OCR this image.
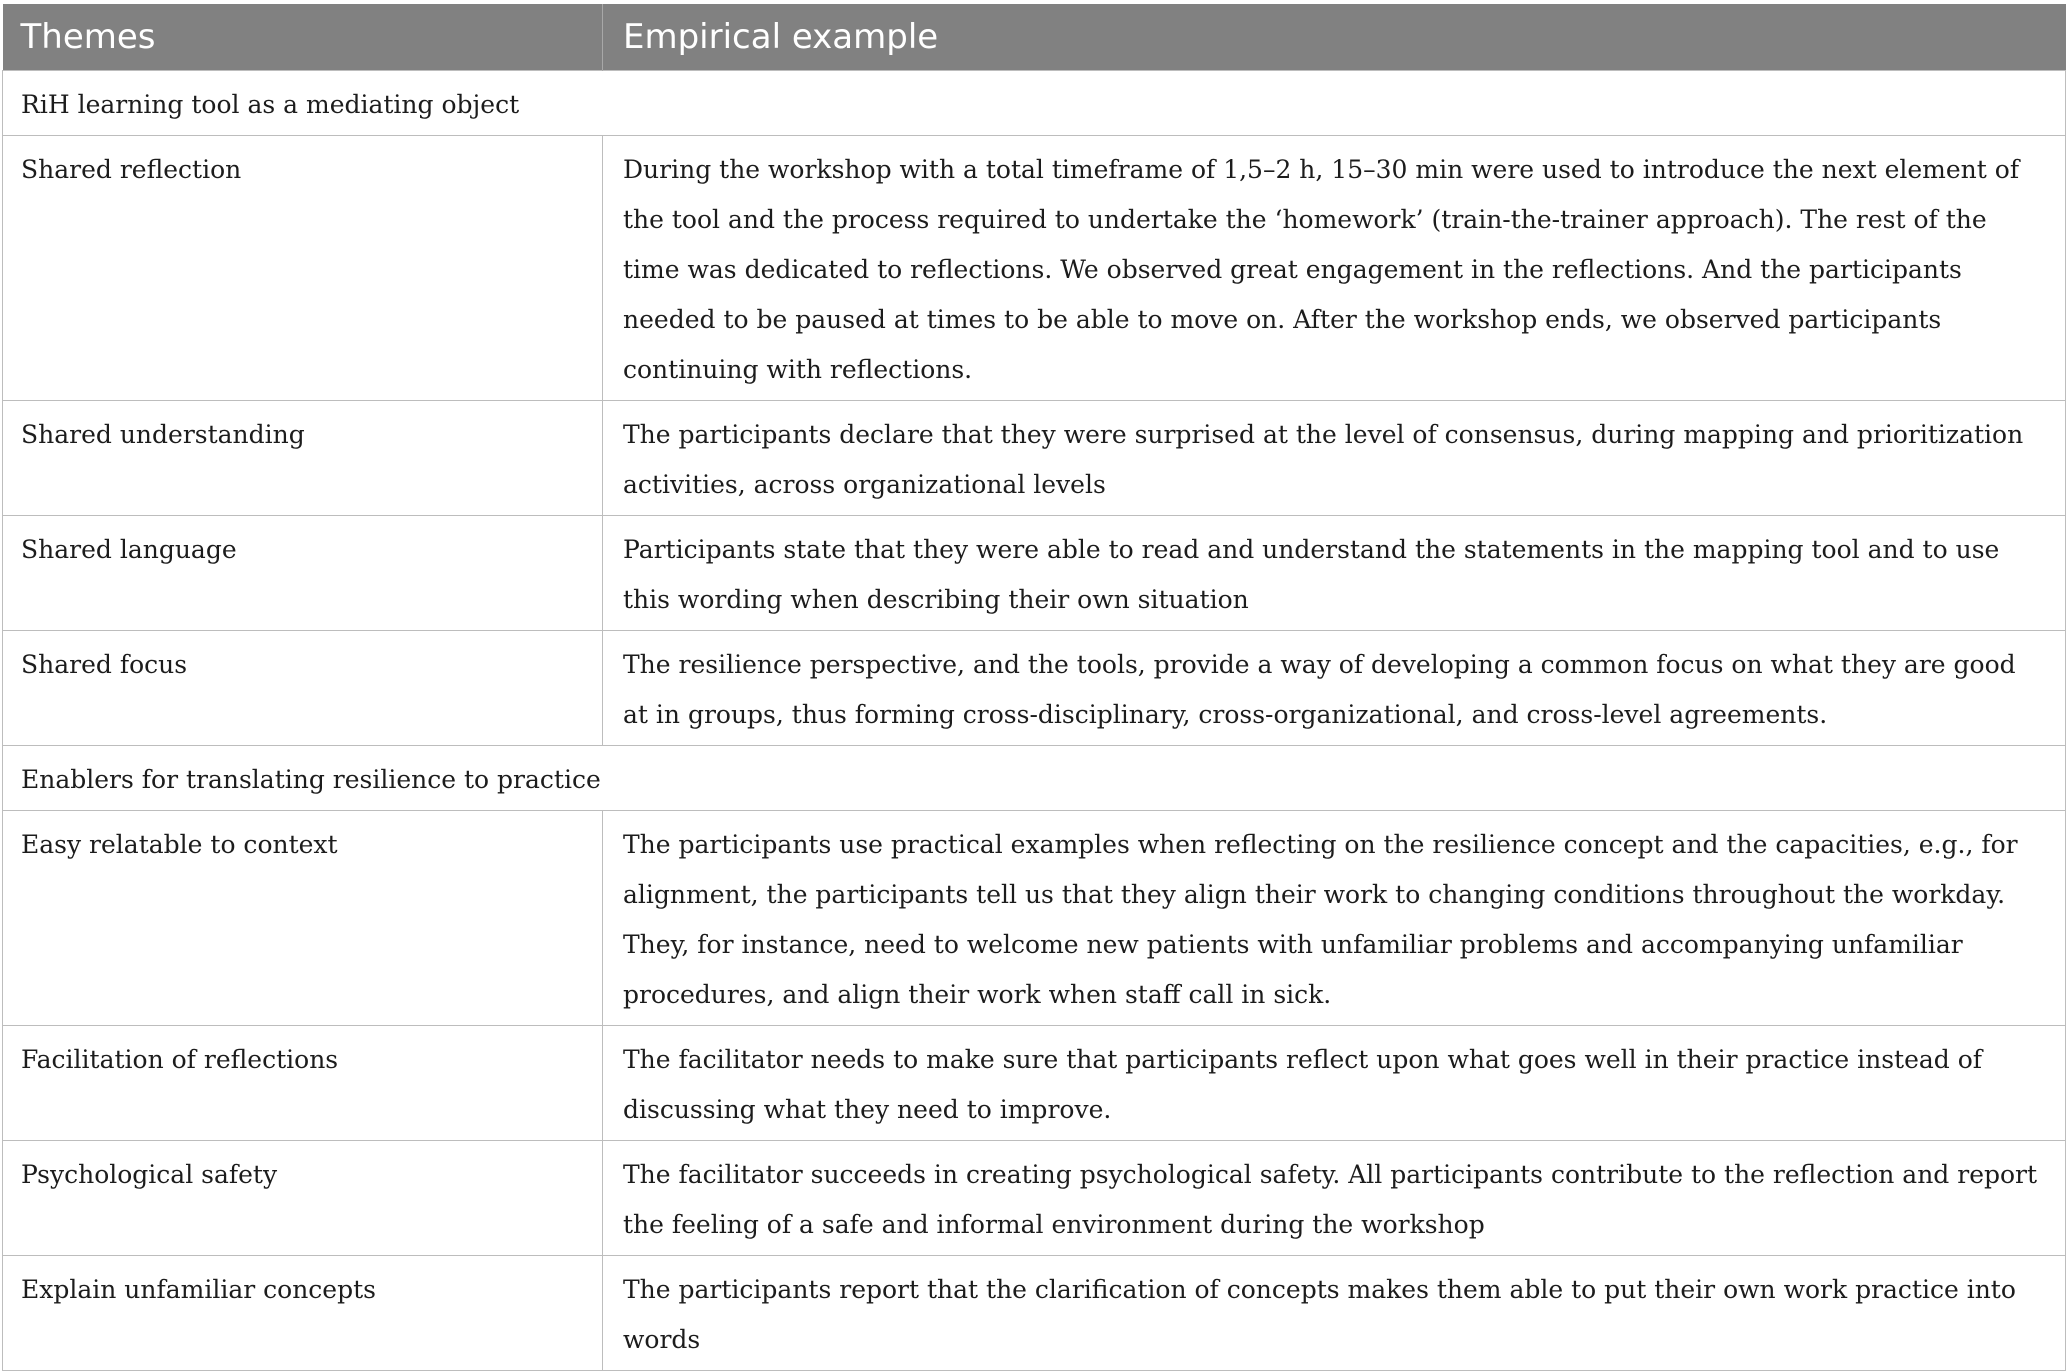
Themes	Empirical example
RiH learning tool as a mediating object	
Shared reflection	During the workshop with a total timeframe of 1,5–2 h, 15–30 min were used to introduce the next element of the tool and the process required to undertake the ‘homework’ (train-the-trainer approach). The rest of the time was dedicated to reflections. We observed great engagement in the reflections. And the participants needed to be paused at times to be able to move on. After the workshop ends, we observed participants continuing with reflections.
Shared understanding	The participants declare that they were surprised at the level of consensus, during mapping and prioritization activities, across organizational levels
Shared language	Participants state that they were able to read and understand the statements in the mapping tool and to use this wording when describing their own situation
Shared focus	The resilience perspective, and the tools, provide a way of developing a common focus on what they are good at in groups, thus forming cross-disciplinary, cross-organizational, and cross-level agreements.
Enablers for translating resilience to practice	
Easy relatable to context	The participants use practical examples when reflecting on the resilience concept and the capacities, e.g., for alignment, the participants tell us that they align their work to changing conditions throughout the workday. They, for instance, need to welcome new patients with unfamiliar problems and accompanying unfamiliar procedures, and align their work when staff call in sick.
Facilitation of reflections	The facilitator needs to make sure that participants reflect upon what goes well in their practice instead of discussing what they need to improve.
Psychological safety	The facilitator succeeds in creating psychological safety. All participants contribute to the reflection and report the feeling of a safe and informal environment during the workshop
Explain unfamiliar concepts	The participants report that the clarification of concepts makes them able to put their own work practice into words
